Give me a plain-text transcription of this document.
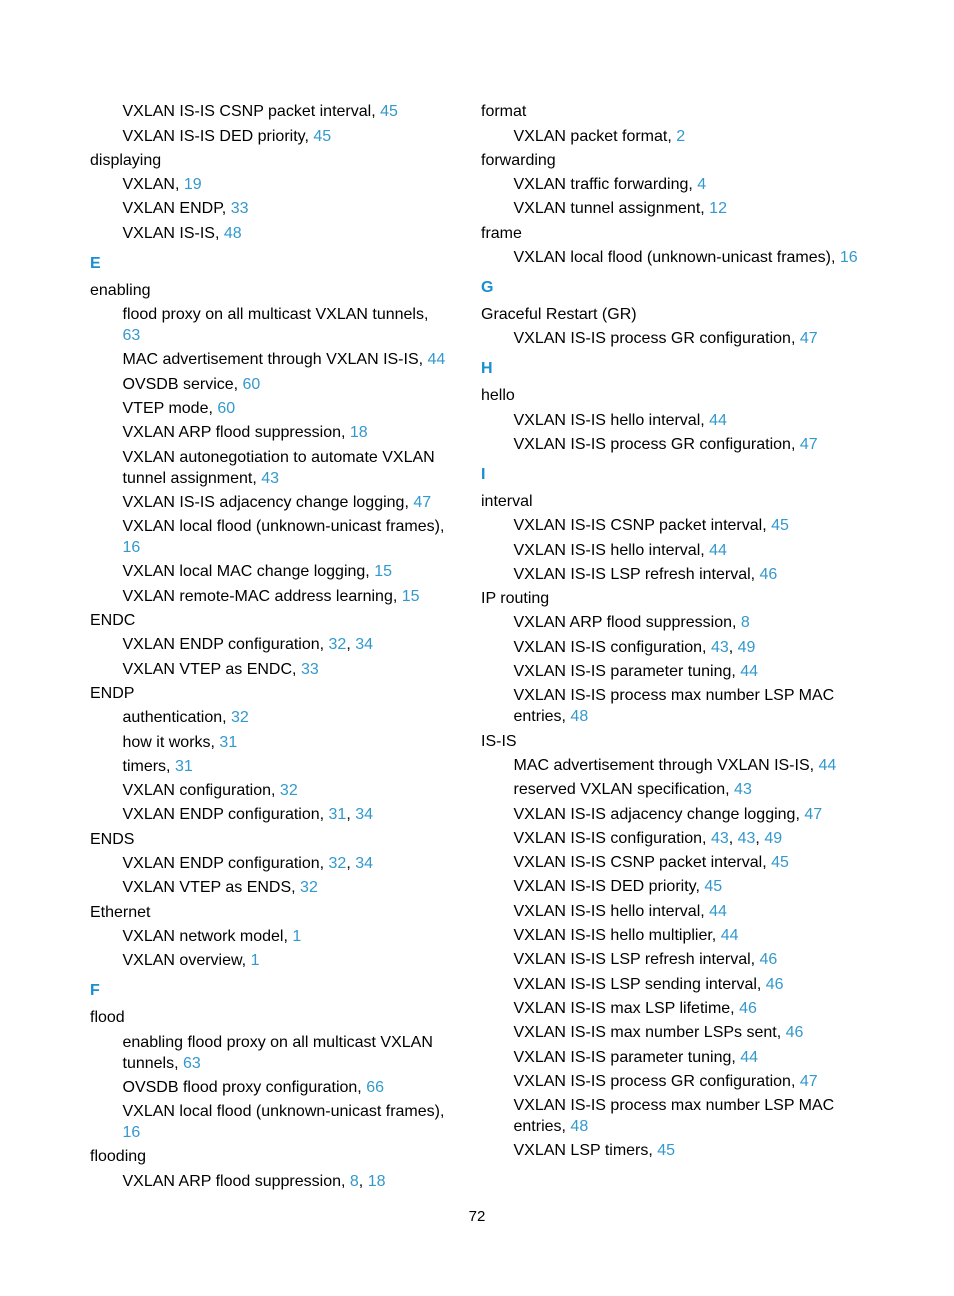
VXLAN IS-IS CSNP packet interval, 45
VXLAN IS-IS DED priority, 45
displaying
VXLAN, 19
VXLAN ENDP, 33
VXLAN IS-IS, 48
E
enabling
flood proxy on all multicast VXLAN tunnels, 63
MAC advertisement through VXLAN IS-IS, 44
OVSDB service, 60
VTEP mode, 60
VXLAN ARP flood suppression, 18
VXLAN autonegotiation to automate VXLAN tunnel assignment, 43
VXLAN IS-IS adjacency change logging, 47
VXLAN local flood (unknown-unicast frames), 16
VXLAN local MAC change logging, 15
VXLAN remote-MAC address learning, 15
ENDC
VXLAN ENDP configuration, 32, 34
VXLAN VTEP as ENDC, 33
ENDP
authentication, 32
how it works, 31
timers, 31
VXLAN configuration, 32
VXLAN ENDP configuration, 31, 34
ENDS
VXLAN ENDP configuration, 32, 34
VXLAN VTEP as ENDS, 32
Ethernet
VXLAN network model, 1
VXLAN overview, 1
F
flood
enabling flood proxy on all multicast VXLAN tunnels, 63
OVSDB flood proxy configuration, 66
VXLAN local flood (unknown-unicast frames), 16
flooding
VXLAN ARP flood suppression, 8, 18
format
VXLAN packet format, 2
forwarding
VXLAN traffic forwarding, 4
VXLAN tunnel assignment, 12
frame
VXLAN local flood (unknown-unicast frames), 16
G
Graceful Restart (GR)
VXLAN IS-IS process GR configuration, 47
H
hello
VXLAN IS-IS hello interval, 44
VXLAN IS-IS process GR configuration, 47
I
interval
VXLAN IS-IS CSNP packet interval, 45
VXLAN IS-IS hello interval, 44
VXLAN IS-IS LSP refresh interval, 46
IP routing
VXLAN ARP flood suppression, 8
VXLAN IS-IS configuration, 43, 49
VXLAN IS-IS parameter tuning, 44
VXLAN IS-IS process max number LSP MAC entries, 48
IS-IS
MAC advertisement through VXLAN IS-IS, 44
reserved VXLAN specification, 43
VXLAN IS-IS adjacency change logging, 47
VXLAN IS-IS configuration, 43, 43, 49
VXLAN IS-IS CSNP packet interval, 45
VXLAN IS-IS DED priority, 45
VXLAN IS-IS hello interval, 44
VXLAN IS-IS hello multiplier, 44
VXLAN IS-IS LSP refresh interval, 46
VXLAN IS-IS LSP sending interval, 46
VXLAN IS-IS max LSP lifetime, 46
VXLAN IS-IS max number LSPs sent, 46
VXLAN IS-IS parameter tuning, 44
VXLAN IS-IS process GR configuration, 47
VXLAN IS-IS process max number LSP MAC entries, 48
VXLAN LSP timers, 45
72
